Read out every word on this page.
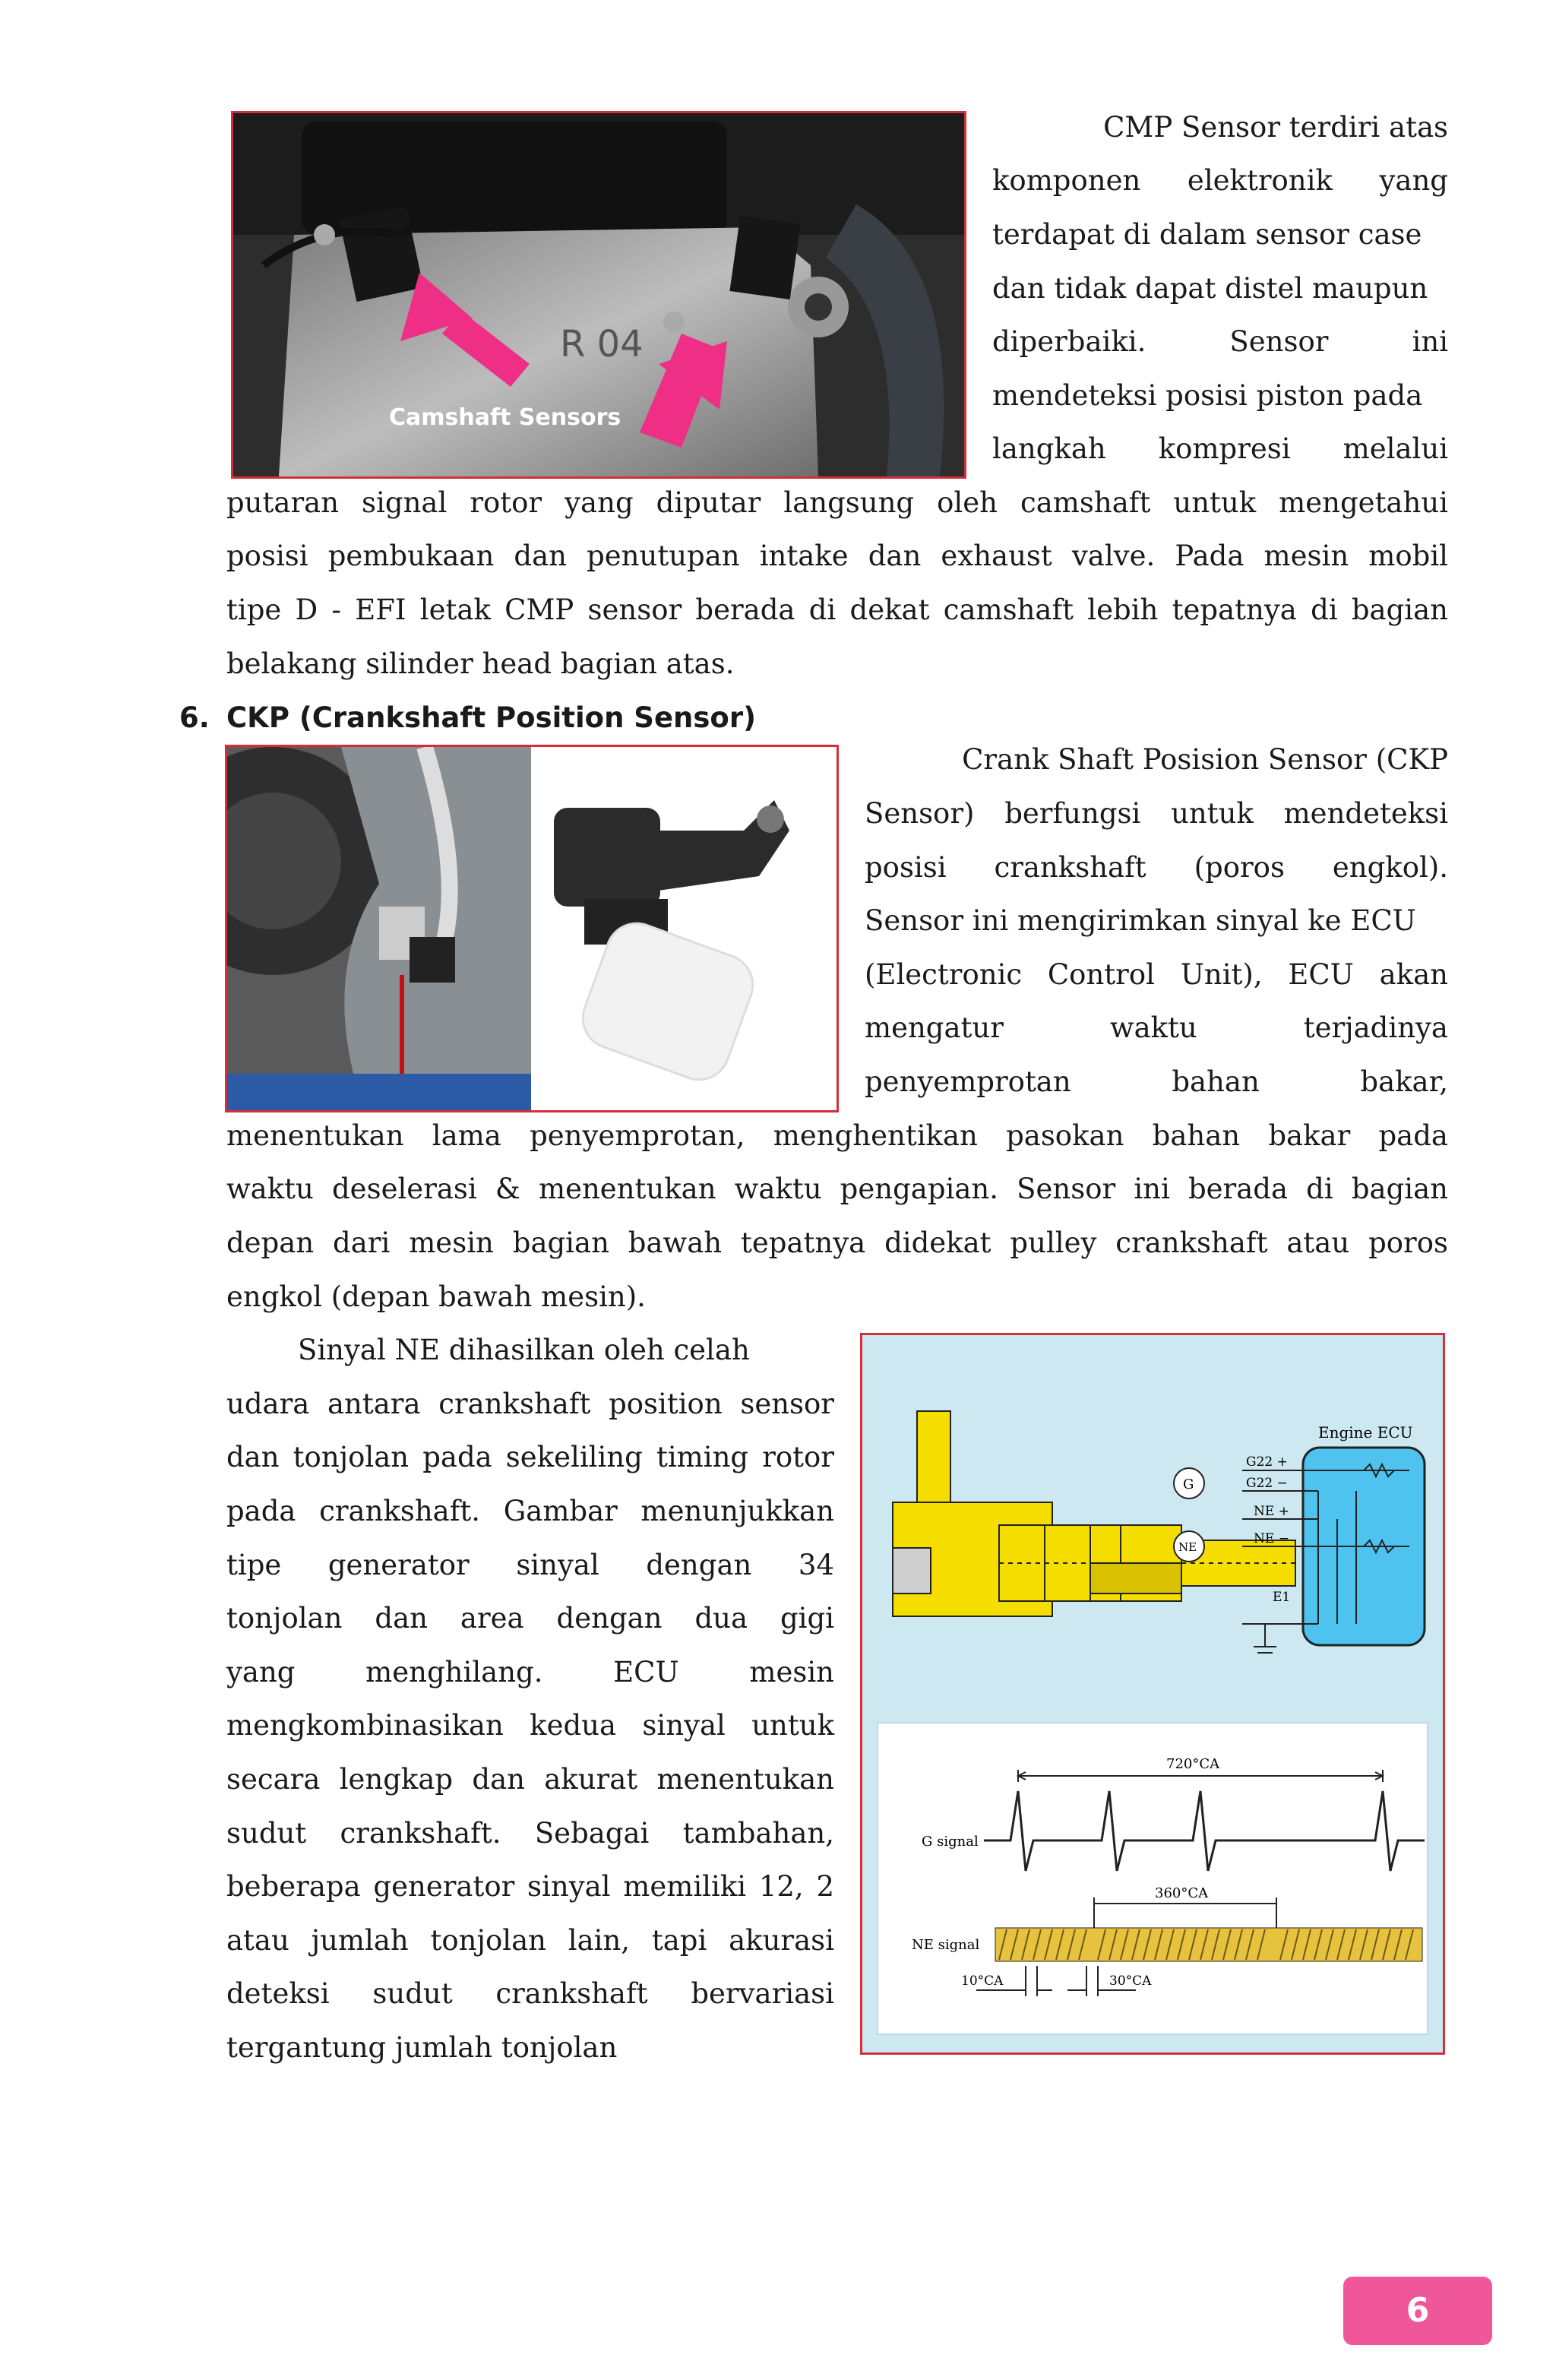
R 04
Camshaft Sensors
CMP Sensor terdiri atas
komponen elektronik yang
terdapat di dalam sensor case
dan tidak dapat distel maupun
diperbaiki. Sensor ini
mendeteksi posisi piston pada
langkah kompresi melalui
putaran signal rotor yang diputar langsung oleh camshaft untuk mengetahui
posisi pembukaan dan penutupan intake dan exhaust valve. Pada mesin mobil
tipe D - EFI letak CMP sensor berada di dekat camshaft lebih tepatnya di bagian
belakang silinder head bagian atas.
6. CKP (Crankshaft Position Sensor)
Crank Shaft Posision Sensor (CKP
Sensor) berfungsi untuk mendeteksi
posisi crankshaft (poros engkol).
Sensor ini mengirimkan sinyal ke ECU
(Electronic Control Unit), ECU akan
mengatur waktu terjadinya
penyemprotan bahan bakar,
menentukan lama penyemprotan, menghentikan pasokan bahan bakar pada
waktu deselerasi & menentukan waktu pengapian. Sensor ini berada di bagian
depan dari mesin bagian bawah tepatnya didekat pulley crankshaft atau poros
engkol (depan bawah mesin).
Sinyal NE dihasilkan oleh celah
udara antara crankshaft position sensor
dan tonjolan pada sekeliling timing rotor
pada crankshaft. Gambar menunjukkan
tipe generator sinyal dengan 34
tonjolan dan area dengan dua gigi
yang menghilang. ECU mesin
mengkombinasikan kedua sinyal untuk
secara lengkap dan akurat menentukan
sudut crankshaft. Sebagai tambahan,
beberapa generator sinyal memiliki 12, 2
atau jumlah tonjolan lain, tapi akurasi
deteksi sudut crankshaft bervariasi
tergantung jumlah tonjolan
Engine ECU
G22 +
G22 −
NE +
NE −
E1
G
NE
720°CA
G signal
360°CA
NE signal
10°CA	30°CA
6
